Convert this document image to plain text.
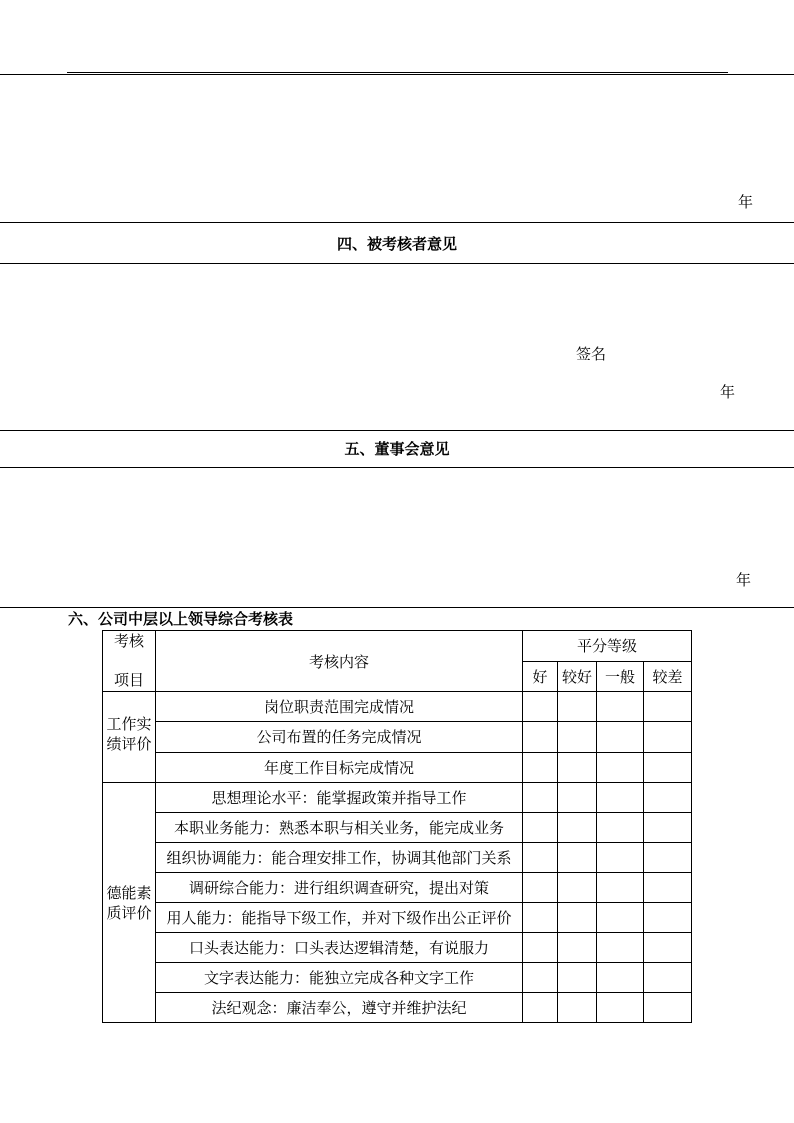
年
四、被考核者意见
签名
年
五、董事会意见
年
六、公司中层以上领导综合考核表
考核
项目	考核内容	平分等级			
		好	较好	一般	较差

工作实
绩评价	岗位职责范围完成情况				
	公司布置的任务完成情况				
	年度工作目标完成情况				

德能素
质评价	思想理论水平：能掌握政策并指导工作				
	本职业务能力：熟悉本职与相关业务，能完成业务				
	组织协调能力：能合理安排工作，协调其他部门关系				
	调研综合能力：进行组织调查研究，提出对策				
	用人能力：能指导下级工作，并对下级作出公正评价				
	口头表达能力：口头表达逻辑清楚，有说服力				
	文字表达能力：能独立完成各种文字工作				
	法纪观念：廉洁奉公，遵守并维护法纪				
